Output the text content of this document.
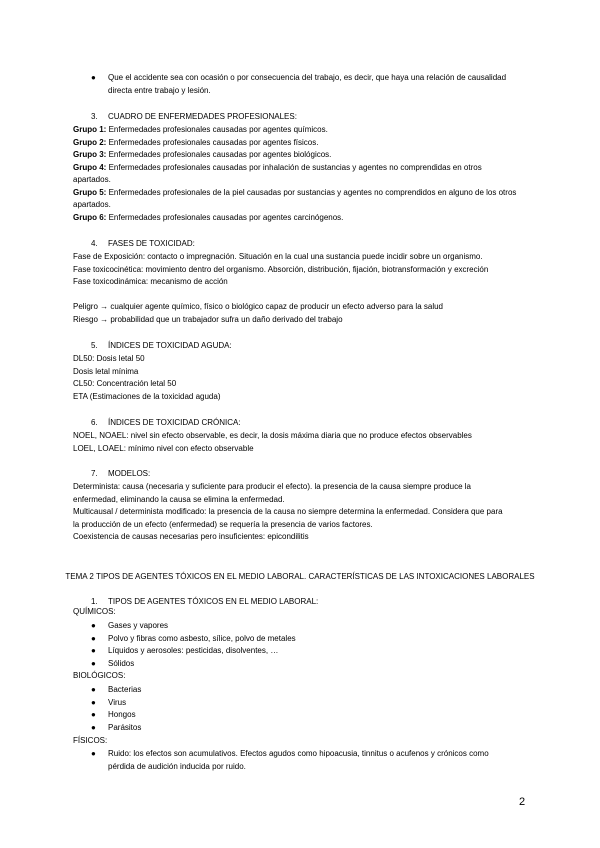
●	Que el accidente sea con ocasión o por consecuencia del trabajo, es decir, que haya una relación de causalidad
directa entre trabajo y lesión.
3. CUADRO DE ENFERMEDADES PROFESIONALES:
Grupo 1: Enfermedades profesionales causadas por agentes químicos.
Grupo 2: Enfermedades profesionales causadas por agentes físicos.
Grupo 3: Enfermedades profesionales causadas por agentes biológicos.
Grupo 4: Enfermedades profesionales causadas por inhalación de sustancias y agentes no comprendidas en otros
apartados.
Grupo 5: Enfermedades profesionales de la piel causadas por sustancias y agentes no comprendidos en alguno de los otros
apartados.
Grupo 6: Enfermedades profesionales causadas por agentes carcinógenos.
4. FASES DE TOXICIDAD:
Fase de Exposición: contacto o impregnación. Situación en la cual una sustancia puede incidir sobre un organismo.
Fase toxicocinética: movimiento dentro del organismo. Absorción, distribución, fijación, biotransformación y excreción
Fase toxicodinámica: mecanismo de acción
Peligro → cualquier agente químico, físico o biológico capaz de producir un efecto adverso para la salud
Riesgo → probabilidad que un trabajador sufra un daño derivado del trabajo
5. ÍNDICES DE TOXICIDAD AGUDA:
DL50: Dosis letal 50
Dosis letal mínima
CL50: Concentración letal 50
ETA (Estimaciones de la toxicidad aguda)
6. ÍNDICES DE TOXICIDAD CRÓNICA:
NOEL, NOAEL: nivel sin efecto observable, es decir, la dosis máxima diaria que no produce efectos observables
LOEL, LOAEL: mínimo nivel con efecto observable
7. MODELOS:
Determinista: causa (necesaria y suficiente para producir el efecto). la presencia de la causa siempre produce la
enfermedad, eliminando la causa se elimina la enfermedad.
Multicausal / determinista modificado: la presencia de la causa no siempre determina la enfermedad. Considera que para
la producción de un efecto (enfermedad) se requería la presencia de varios factores.
Coexistencia de causas necesarias pero insuficientes: epicondilitis
TEMA 2 TIPOS DE AGENTES TÓXICOS EN EL MEDIO LABORAL. CARACTERÍSTICAS DE LAS INTOXICACIONES LABORALES
1. TIPOS DE AGENTES TÓXICOS EN EL MEDIO LABORAL:
QUÍMICOS:
●	Gases y vapores
●	Polvo y fibras como asbesto, sílice, polvo de metales
●	Líquidos y aerosoles: pesticidas, disolventes, …
●	Sólidos
BIOLÓGICOS:
●	Bacterias
●	Virus
●	Hongos
●	Parásitos
FÍSICOS:
●	Ruido: los efectos son acumulativos. Efectos agudos como hipoacusia, tinnitus o acufenos y crónicos como
pérdida de audición inducida por ruido.
2
